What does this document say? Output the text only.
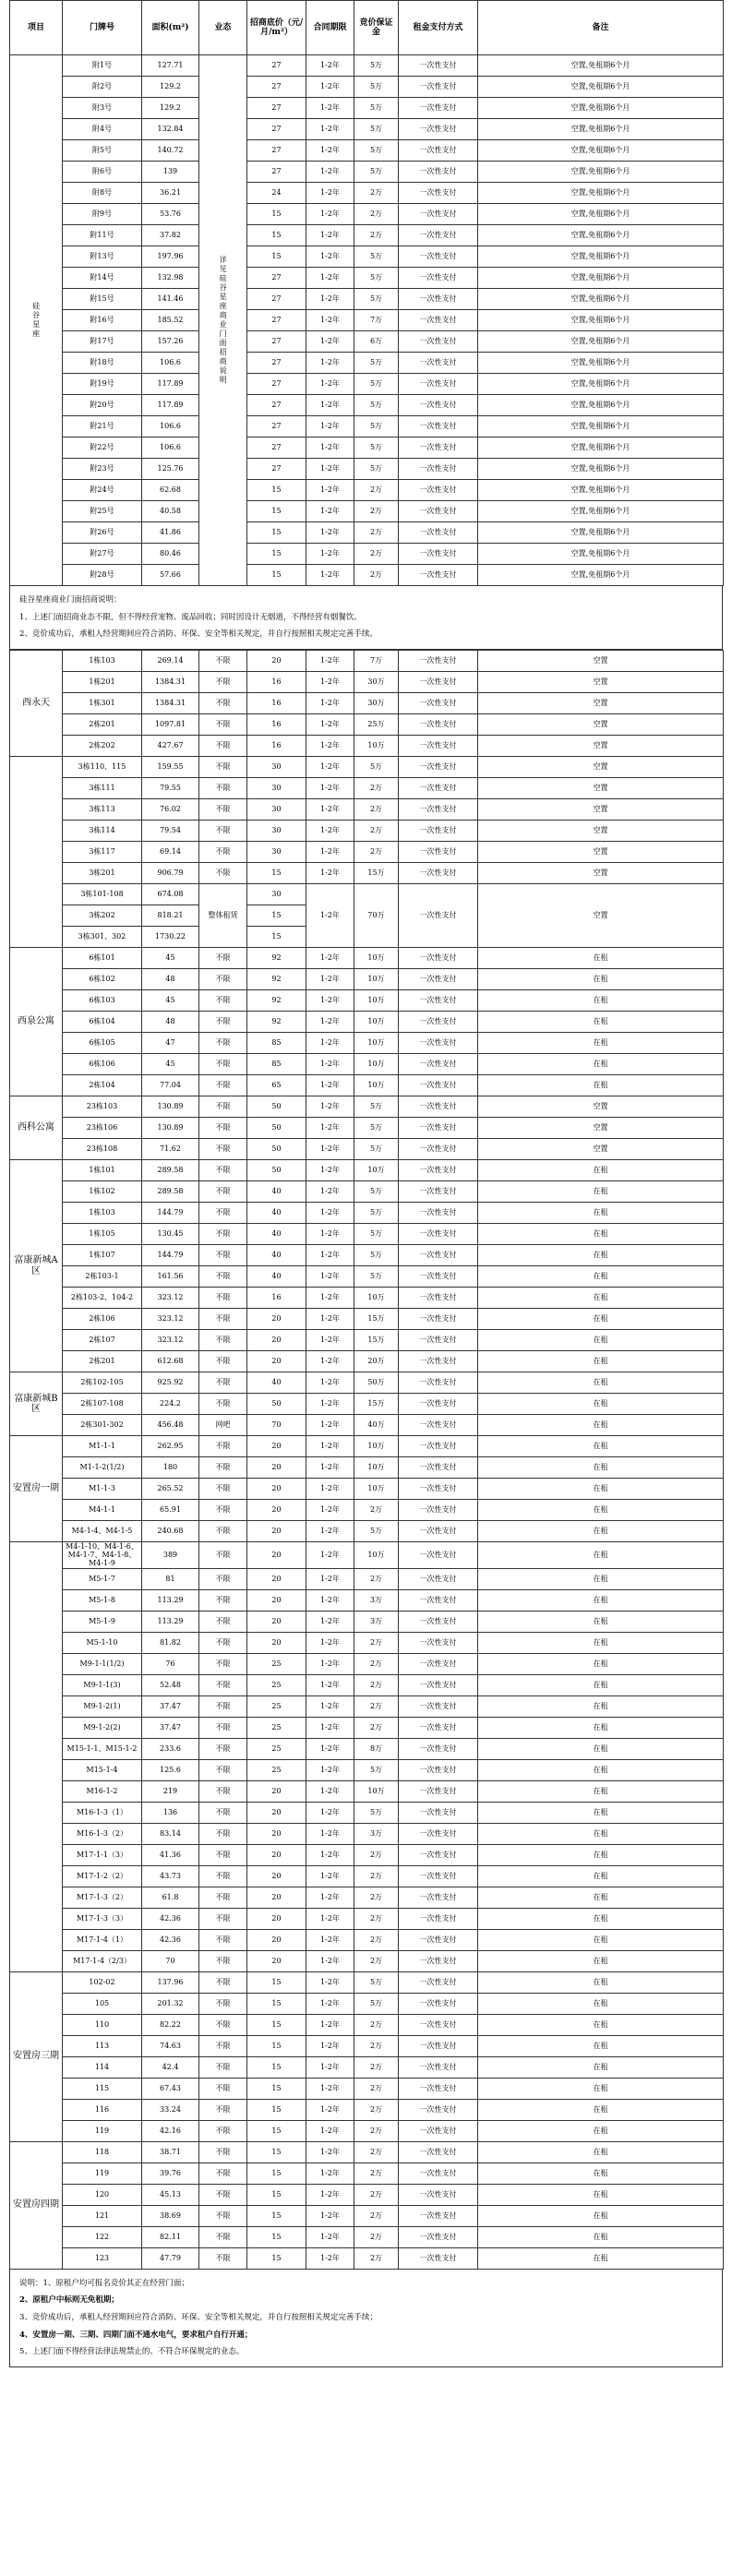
项目	门牌号	面积(m²)	业态	招商底价（元/月/m²）	合同期限	竞价保证金	租金支付方式	备注
硅谷星座	附1号	127.71	详见硅谷星座商业门面招商说明	27	1-2年	5万	一次性支付	空置,免租期6个月
	附2号	129.2		27	1-2年	5万	一次性支付	空置,免租期6个月
	附3号	129.2		27	1-2年	5万	一次性支付	空置,免租期6个月
	附4号	132.84		27	1-2年	5万	一次性支付	空置,免租期6个月
	附5号	140.72		27	1-2年	5万	一次性支付	空置,免租期6个月
	附6号	139		27	1-2年	5万	一次性支付	空置,免租期6个月
	附8号	36.21		24	1-2年	2万	一次性支付	空置,免租期6个月
	附9号	53.76		15	1-2年	2万	一次性支付	空置,免租期6个月
	附11号	37.82		15	1-2年	2万	一次性支付	空置,免租期6个月
	附13号	197.96		15	1-2年	5万	一次性支付	空置,免租期6个月
	附14号	132.98		27	1-2年	5万	一次性支付	空置,免租期6个月
	附15号	141.46		27	1-2年	5万	一次性支付	空置,免租期6个月
	附16号	185.52		27	1-2年	7万	一次性支付	空置,免租期6个月
	附17号	157.26		27	1-2年	6万	一次性支付	空置,免租期6个月
	附18号	106.6		27	1-2年	5万	一次性支付	空置,免租期6个月
	附19号	117.89		27	1-2年	5万	一次性支付	空置,免租期6个月
	附20号	117.89		27	1-2年	5万	一次性支付	空置,免租期6个月
	附21号	106.6		27	1-2年	5万	一次性支付	空置,免租期6个月
	附22号	106.6		27	1-2年	5万	一次性支付	空置,免租期6个月
	附23号	125.76		27	1-2年	5万	一次性支付	空置,免租期6个月
	附24号	62.68		15	1-2年	2万	一次性支付	空置,免租期6个月
	附25号	40.58		15	1-2年	2万	一次性支付	空置,免租期6个月
	附26号	41.86		15	1-2年	2万	一次性支付	空置,免租期6个月
	附27号	80.46		15	1-2年	2万	一次性支付	空置,免租期6个月
	附28号	57.66		15	1-2年	2万	一次性支付	空置,免租期6个月

硅谷星座商业门面招商说明：

1、上述门面招商业态不限，但不得经营宠物、废品回收；同时因设计无烟道，不得经营有烟餐饮。

2、竞价成功后，承租人经营期间应符合消防、环保、安全等相关规定，并自行按照相关规定完善手续。

西永天	1栋103	269.14	不限	20	1-2年	7万	一次性支付	空置
	1栋201	1384.31	不限	16	1-2年	30万	一次性支付	空置
	1栋301	1384.31	不限	16	1-2年	30万	一次性支付	空置
	2栋201	1097.81	不限	16	1-2年	25万	一次性支付	空置
	2栋202	427.67	不限	16	1-2年	10万	一次性支付	空置
	3栋110、115	159.55	不限	30	1-2年	5万	一次性支付	空置
	3栋111	79.55	不限	30	1-2年	2万	一次性支付	空置
	3栋113	76.02	不限	30	1-2年	2万	一次性支付	空置
	3栋114	79.54	不限	30	1-2年	2万	一次性支付	空置
	3栋117	69.14	不限	30	1-2年	2万	一次性支付	空置
	3栋201	906.79	不限	15	1-2年	15万	一次性支付	空置
	3栋101-108	674.08	整体租赁	30	1-2年	70万	一次性支付	空置
	3栋202	818.21		15				
	3栋301、302	1730.22		15				
西泉公寓	6栋101	45	不限	92	1-2年	10万	一次性支付	在租
	6栋102	48	不限	92	1-2年	10万	一次性支付	在租
	6栋103	45	不限	92	1-2年	10万	一次性支付	在租
	6栋104	48	不限	92	1-2年	10万	一次性支付	在租
	6栋105	47	不限	85	1-2年	10万	一次性支付	在租
	6栋106	45	不限	85	1-2年	10万	一次性支付	在租
	2栋104	77.04	不限	65	1-2年	10万	一次性支付	在租
西科公寓	23栋103	130.89	不限	50	1-2年	5万	一次性支付	空置
	23栋106	130.89	不限	50	1-2年	5万	一次性支付	空置
	23栋108	71.62	不限	50	1-2年	5万	一次性支付	空置
富康新城A区	1栋101	289.58	不限	50	1-2年	10万	一次性支付	在租
	1栋102	289.58	不限	40	1-2年	5万	一次性支付	在租
	1栋103	144.79	不限	40	1-2年	5万	一次性支付	在租
	1栋105	130.45	不限	40	1-2年	5万	一次性支付	在租
	1栋107	144.79	不限	40	1-2年	5万	一次性支付	在租
	2栋103-1	161.56	不限	40	1-2年	5万	一次性支付	在租
	2栋103-2、104-2	323.12	不限	16	1-2年	10万	一次性支付	在租
	2栋106	323.12	不限	20	1-2年	15万	一次性支付	在租
	2栋107	323.12	不限	20	1-2年	15万	一次性支付	在租
	2栋201	612.68	不限	20	1-2年	20万	一次性支付	在租
富康新城B区	2栋102-105	925.92	不限	40	1-2年	50万	一次性支付	在租
	2栋107-108	224.2	不限	50	1-2年	15万	一次性支付	在租
	2栋301-302	456.48	网吧	70	1-2年	40万	一次性支付	在租
安置房一期	M1-1-1	262.95	不限	20	1-2年	10万	一次性支付	在租
	M1-1-2(1/2)	180	不限	20	1-2年	10万	一次性支付	在租
	M1-1-3	265.52	不限	20	1-2年	10万	一次性支付	在租
	M4-1-1	65.91	不限	20	1-2年	2万	一次性支付	在租
	M4-1-4、M4-1-5	240.68	不限	20	1-2年	5万	一次性支付	在租
	M4-1-10、M4-1-6、M4-1-7、M4-1-8、M4-1-9	389	不限	20	1-2年	10万	一次性支付	在租
	M5-1-7	81	不限	20	1-2年	2万	一次性支付	在租
	M5-1-8	113.29	不限	20	1-2年	3万	一次性支付	在租
	M5-1-9	113.29	不限	20	1-2年	3万	一次性支付	在租
	M5-1-10	81.82	不限	20	1-2年	2万	一次性支付	在租
	M9-1-1(1/2)	76	不限	25	1-2年	2万	一次性支付	在租
	M9-1-1(3)	52.48	不限	25	1-2年	2万	一次性支付	在租
	M9-1-2(1)	37.47	不限	25	1-2年	2万	一次性支付	在租
	M9-1-2(2)	37.47	不限	25	1-2年	2万	一次性支付	在租
	M15-1-1、M15-1-2	233.6	不限	25	1-2年	8万	一次性支付	在租
	M15-1-4	125.6	不限	25	1-2年	5万	一次性支付	在租
	M16-1-2	219	不限	20	1-2年	10万	一次性支付	在租
	M16-1-3（1）	136	不限	20	1-2年	5万	一次性支付	在租
	M16-1-3（2）	83.14	不限	20	1-2年	3万	一次性支付	在租
	M17-1-1（3）	41.36	不限	20	1-2年	2万	一次性支付	在租
	M17-1-2（2）	43.73	不限	20	1-2年	2万	一次性支付	在租
	M17-1-3（2）	61.8	不限	20	1-2年	2万	一次性支付	在租
	M17-1-3（3）	42.36	不限	20	1-2年	2万	一次性支付	在租
	M17-1-4（1）	42.36	不限	20	1-2年	2万	一次性支付	在租
	M17-1-4（2/3）	70	不限	20	1-2年	2万	一次性支付	在租
安置房三期	102-02	137.96	不限	15	1-2年	5万	一次性支付	在租
	105	201.32	不限	15	1-2年	5万	一次性支付	在租
	110	82.22	不限	15	1-2年	2万	一次性支付	在租
	113	74.63	不限	15	1-2年	2万	一次性支付	在租
	114	42.4	不限	15	1-2年	2万	一次性支付	在租
	115	67.43	不限	15	1-2年	2万	一次性支付	在租
	116	33.24	不限	15	1-2年	2万	一次性支付	在租
	119	42.16	不限	15	1-2年	2万	一次性支付	在租
安置房四期	118	38.71	不限	15	1-2年	2万	一次性支付	在租
	119	39.76	不限	15	1-2年	2万	一次性支付	在租
	120	45.13	不限	15	1-2年	2万	一次性支付	在租
	121	38.69	不限	15	1-2年	2万	一次性支付	在租
	122	82.11	不限	15	1-2年	2万	一次性支付	在租
	123	47.79	不限	15	1-2年	2万	一次性支付	在租

说明：1、原租户均可报名竞价其正在经营门面；

2、原租户中标则无免租期；

3、竞价成功后，承租人经营期间应符合消防、环保、安全等相关规定，并自行按照相关规定完善手续；

4、安置房一期、三期、四期门面不通水电气，要求租户自行开通；

5、上述门面不得经营法律法规禁止的、不符合环保规定的业态。
